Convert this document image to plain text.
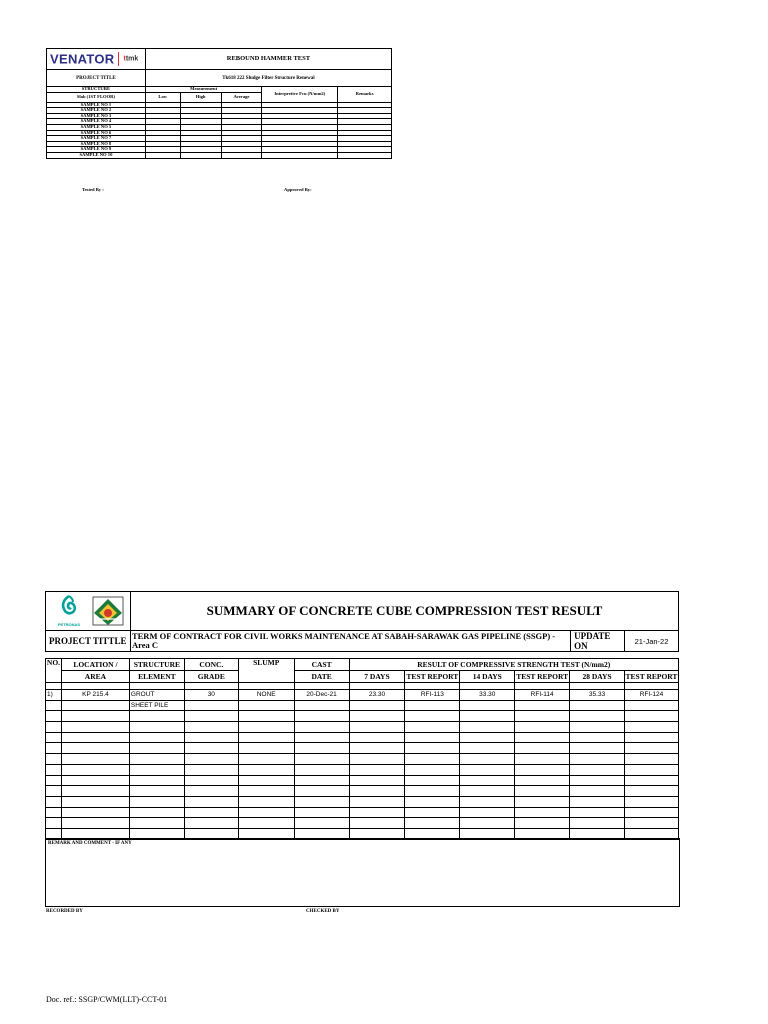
VENATOR ttmk	REBOUND HAMMER TEST				
PROJECT TITLE	Tk618 222 Sludge Filter Structure Renewal				
STRUCTURE	Measurement			Interpretive Fcu (N/mm2)	Remarks
Slab (1ST FLOOR)	Low	High	Average		
SAMPLE NO 1					
SAMPLE NO 2					
SAMPLE NO 3					
SAMPLE NO 4					
SAMPLE NO 5					
SAMPLE NO 6					
SAMPLE NO 7					
SAMPLE NO 8					
SAMPLE NO 9					
SAMPLE NO 10					
Tested By :	Approved By:
PETRONAS	SUMMARY OF CONCRETE CUBE COMPRESSION TEST RESULT		
PROJECT TITTLE	TERM OF CONTRACT FOR CIVIL WORKS MAINTENANCE AT SABAH-SARAWAK GAS PIPELINE (SSGP) - Area C	UPDATE ON	21-Jan-22
NO.	LOCATION /	STRUCTURE	CONC.	SLUMP	CAST	RESULT OF COMPRESSIVE STRENGTH TEST (N/mm2)					
	AREA	ELEMENT	GRADE		DATE	7 DAYS	TEST REPORT	14 DAYS	TEST REPORT	28 DAYS	TEST REPORT

1)	KP 215.4	GROUT	30	NONE	20-Dec-21	23.30	RFI-113	33.30	RFI-114	35.33	RFI-124
		SHEET PILE									

REMARK AND COMMENT - IF ANY
RECORDED BY	CHECKED BY
Doc. ref.: SSGP/CWM(LLT)-CCT-01
